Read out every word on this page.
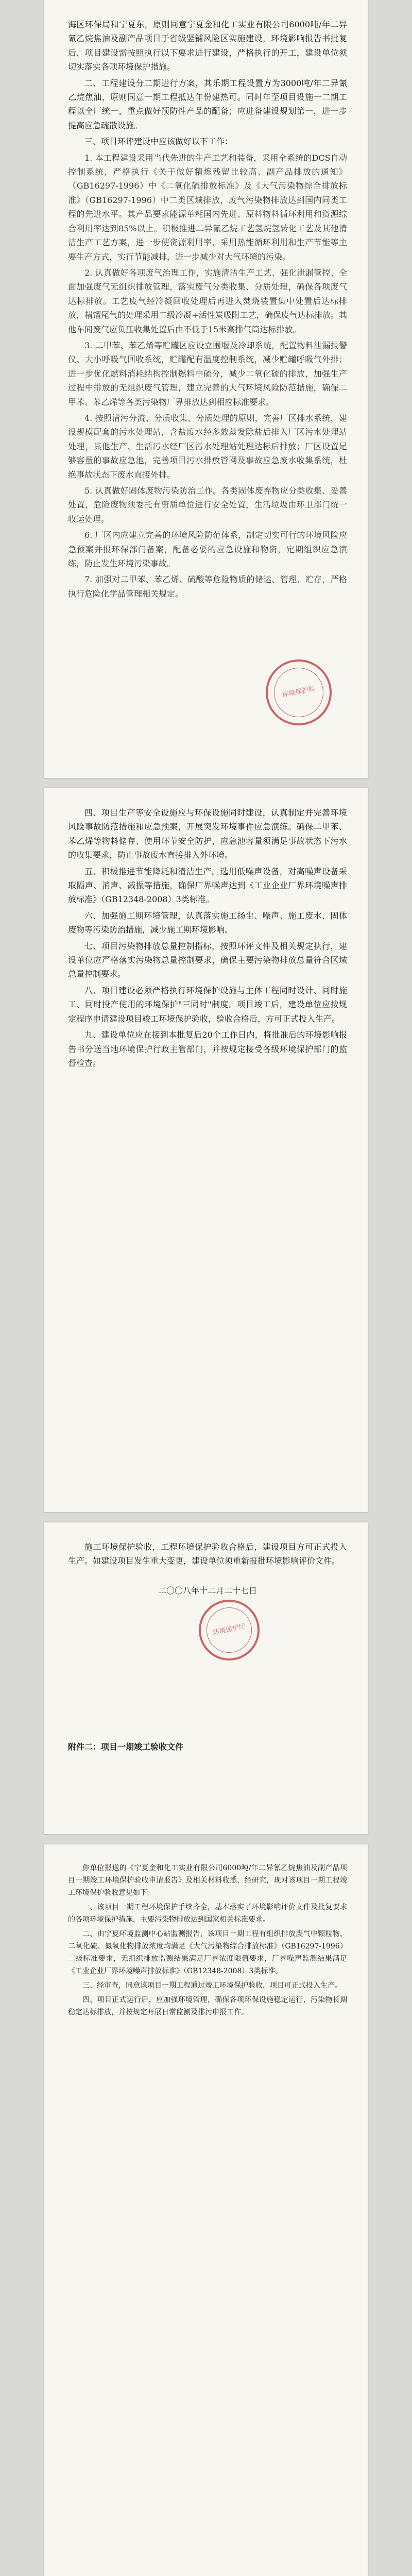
海区环保局和宁夏东，原则同意宁夏金和化工实业有限公司6000吨/年二异氰乙烷焦油及副产品项目于省级竖铺风险区实施建设，环境影响报告书批复后，项目建设需按照执行以下要求进行建设，严格执行的开工，建设单位须切实落实各项环境保护措施。

二、工程建设分二期进行方案，其乐期工程设置方为3000吨/年二异氰乙烷焦油，原则同意一期工程抵达年份建热可。同时年至项目设施一二期工程以全厂统一，重点做好预防性产品的配备；应进备建设规划第一，进一步提高应急疏散设施。

三、项目环评建设中应该做好以下工作：

1. 本工程建设采用当代先进的生产工艺和装备，采用全系统的DCS自动控制系统，严格执行《关于做好精炼残留比较高、副产品排放的通知》（GB16297-1996）中《二氧化硫排放标准》及《大气污染物综合排放标准》（GB16297-1996）中二类区域排放，废气污染物排放达到国内同类工程的先进水平。其产品要求能源单耗国内先进、原料物料循环利用和资源综合利用率达到85%以上。积极推进二异氰乙烷工艺氢烷氢转化工艺及其他清洁生产工艺方案，进一步使资源利用率、采用热能循环利用和生产节能等主要生产方式，实行节能减排，进一步减少对大气环境的污染。

2. 认真做好各项废气治理工作，实施清洁生产工艺、强化泄漏管控、全面加强废气无组织排放管理，落实废气分类收集、分质处理，确保各项废气达标排放。工艺废气经冷凝回收处理后再进入焚烧装置集中处置后达标排放，精馏尾气的处理采用二级冷凝+活性炭吸附工艺，确保废气达标排放。其他车间废气应负压收集处置后由不低于15米高排气筒达标排放。

3. 二甲苯、苯乙烯等贮罐区应设立围堰及冷却系统，配置物料泄漏报警仪、大小呼吸气回收系统，贮罐配有温度控制系统，减少贮罐呼吸气外排；进一步优化燃料消耗结构控制燃料中硫分，减少二氧化硫的排放，加强生产过程中排放的无组织废气管理，建立完善的大气环境风险防范措施，确保二甲苯、苯乙烯等各类污染物厂界排放达到相应标准要求。

4. 按照清污分流、分质收集、分质处理的原则，完善厂区排水系统，建设规模配套的污水处理站，含盐废水经多效蒸发除盐后排入厂区污水处理站处理，其他生产、生活污水经厂区污水处理站处理达标后排放；厂区设置足够容量的事故应急池，完善项目污水排放管网及事故应急废水收集系统，杜绝事故状态下废水直接外排。

5. 认真做好固体废物污染防治工作。各类固体废弃物应分类收集、妥善处置，危险废物须委托有资质单位进行安全处置，生活垃圾由环卫部门统一收运处理。

6. 厂区内应建立完善的环境风险防范体系，制定切实可行的环境风险应急预案并报环保部门备案，配备必要的应急设施和物资，定期组织应急演练，防止发生环境污染事故。

7. 加强对二甲苯、苯乙烯、硫酸等危险物质的储运、管理、贮存，严格执行危险化学品管理相关规定。

环境保护局

四、项目生产等安全设施应与环保设施同时建设，认真制定并完善环境风险事故防范措施和应急预案，开展突发环境事件应急演练。确保二甲苯、苯乙烯等物料储存、使用环节安全防护，应急池容量须满足事故状态下污水的收集要求，防止事故废水直接排入外环境。

五、积极推进节能降耗和清洁生产。选用低噪声设备，对高噪声设备采取隔声、消声、减振等措施，确保厂界噪声达到《工业企业厂界环境噪声排放标准》（GB12348-2008）3类标准。

六、加强施工期环境管理，认真落实施工扬尘、噪声、施工废水、固体废物等污染防治措施，减少施工期环境影响。

七、项目污染物排放总量控制指标，按照环评文件及相关规定执行，建设单位应严格落实污染物总量控制要求，确保主要污染物排放总量符合区域总量控制要求。

八、项目建设必须严格执行环境保护设施与主体工程同时设计、同时施工、同时投产使用的环境保护"三同时"制度。项目竣工后，建设单位应按规定程序申请建设项目竣工环境保护验收，验收合格后，方可正式投入生产。

九、建设单位应在接到本批复后20个工作日内，将批准后的环境影响报告书分送当地环境保护行政主管部门，并按规定接受各级环境保护部门的监督检查。

施工环境保护验收，工程环境保护验收合格后，建设项目方可正式投入生产。如建设项目发生重大变更，建设单位须重新报批环境影响评价文件。

二〇〇八年十二月二十七日

环境保护厅

附件二：项目一期竣工验收文件

你单位报送的《宁夏金和化工实业有限公司6000吨/年二异氰乙烷焦油及副产品项目一期竣工环境保护验收申请报告》及相关材料收悉，经研究，现对该项目一期工程竣工环境保护验收意见如下：

一、该项目一期工程环境保护手续齐全，基本落实了环境影响评价文件及批复要求的各项环境保护措施，主要污染物排放达到国家相关标准要求。

二、由宁夏环境监测中心站监测报告，该项目一期工程有组织排放废气中颗粒物、二氧化硫、氮氧化物排放浓度均满足《大气污染物综合排放标准》（GB16297-1996）二级标准要求，无组织排放监测结果满足厂界浓度限值要求，厂界噪声监测结果满足《工业企业厂界环境噪声排放标准》（GB12348-2008）3类标准。

三、经审查，同意该项目一期工程通过竣工环境保护验收，项目可正式投入生产。

四、项目正式运行后，应加强环境管理，确保各项环保设施稳定运行，污染物长期稳定达标排放，并按规定开展日常监测及排污申报工作。
